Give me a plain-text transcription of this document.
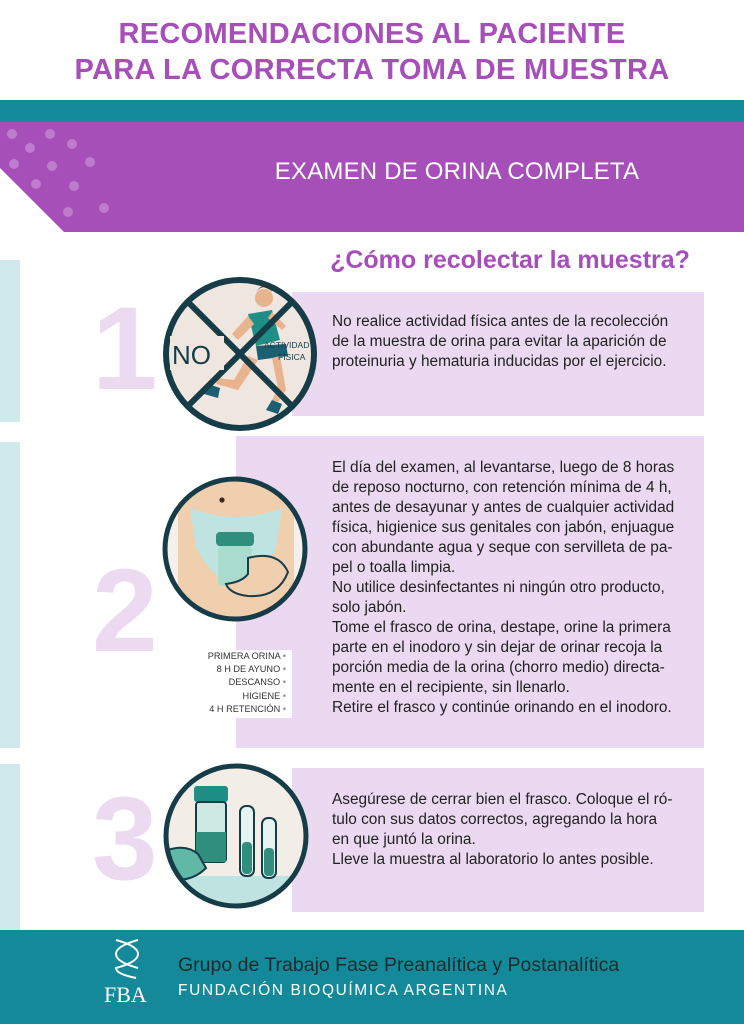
RECOMENDACIONES AL PACIENTE
PARA LA CORRECTA TOMA DE MUESTRA
EXAMEN DE ORINA COMPLETA
¿Cómo recolectar la muestra?
1	No realice actividad física antes de la recolección

de la muestra de orina para evitar la aparición de

proteinuria y hematuria inducidas por el ejercicio.

NO	ACTIVIDAD
FÍSICA
2

El día del examen, al levantarse, luego de 8 horas

de reposo nocturno, con retención mínima de 4 h,

antes de desayunar y antes de cualquier actividad

física, higienice sus genitales con jabón, enjuague

con abundante agua y seque con servilleta de pa-

pel o toalla limpia.

No utilice desinfectantes ni ningún otro producto,

solo jabón.

Tome el frasco de orina, destape, orine la primera

parte en el inodoro y sin dejar de orinar recoja la

porción media de la orina (chorro medio) directa-

mente en el recipiente, sin llenarlo.

Retire el frasco y continúe orinando en el inodoro.

PRIMERA ORINA •
8 H DE AYUNO •
DESCANSO •
HIGIENE •
4 H RETENCIÓN •
3	Asegúrese de cerrar bien el frasco. Coloque el ró-

tulo con sus datos correctos, agregando la hora

en que juntó la orina.

Lleve la muestra al laboratorio lo antes posible.

FBA
Grupo de Trabajo Fase Preanalítica y Postanalítica
FUNDACIÓN BIOQUÍMICA ARGENTINA
